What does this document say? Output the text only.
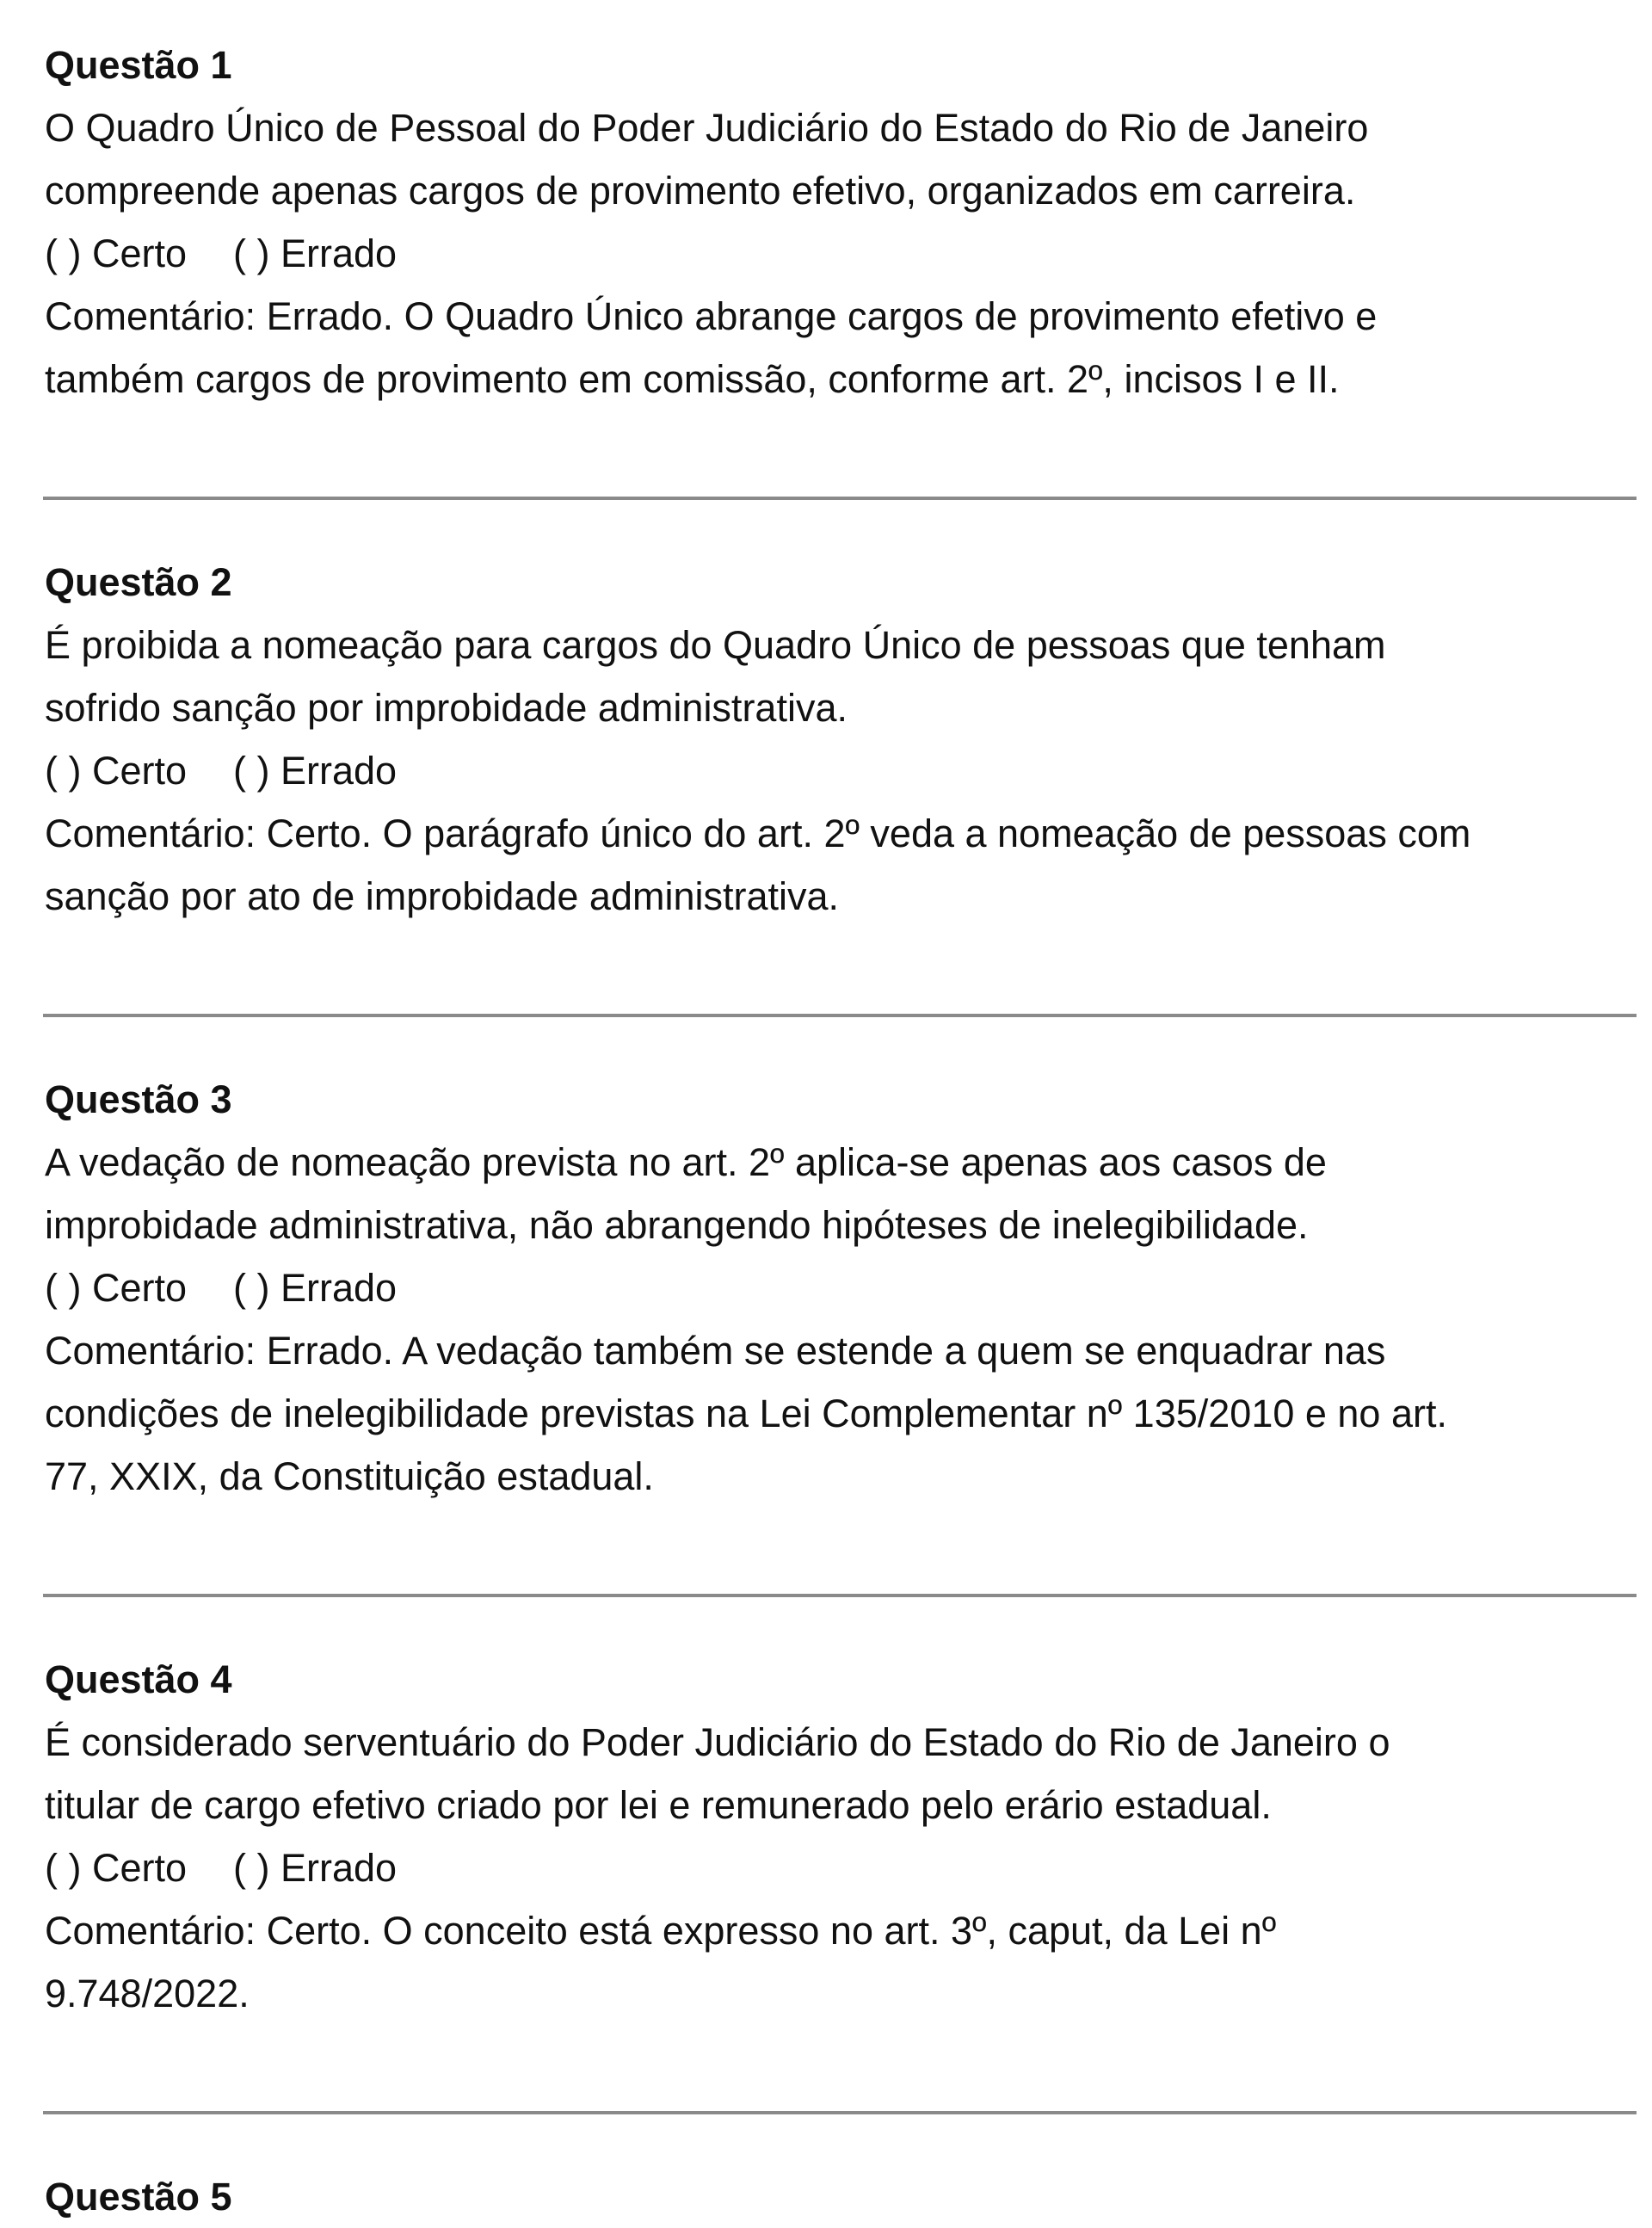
Questão 1
O Quadro Único de Pessoal do Poder Judiciário do Estado do Rio de Janeiro
compreende apenas cargos de provimento efetivo, organizados em carreira.
( ) Certo ( ) Errado
Comentário: Errado. O Quadro Único abrange cargos de provimento efetivo e
também cargos de provimento em comissão, conforme art. 2º, incisos I e II.
Questão 2
É proibida a nomeação para cargos do Quadro Único de pessoas que tenham
sofrido sanção por improbidade administrativa.
( ) Certo ( ) Errado
Comentário: Certo. O parágrafo único do art. 2º veda a nomeação de pessoas com
sanção por ato de improbidade administrativa.
Questão 3
A vedação de nomeação prevista no art. 2º aplica-se apenas aos casos de
improbidade administrativa, não abrangendo hipóteses de inelegibilidade.
( ) Certo ( ) Errado
Comentário: Errado. A vedação também se estende a quem se enquadrar nas
condições de inelegibilidade previstas na Lei Complementar nº 135/2010 e no art.
77, XXIX, da Constituição estadual.
Questão 4
É considerado serventuário do Poder Judiciário do Estado do Rio de Janeiro o
titular de cargo efetivo criado por lei e remunerado pelo erário estadual.
( ) Certo ( ) Errado
Comentário: Certo. O conceito está expresso no art. 3º, caput, da Lei nº
9.748/2022.
Questão 5
